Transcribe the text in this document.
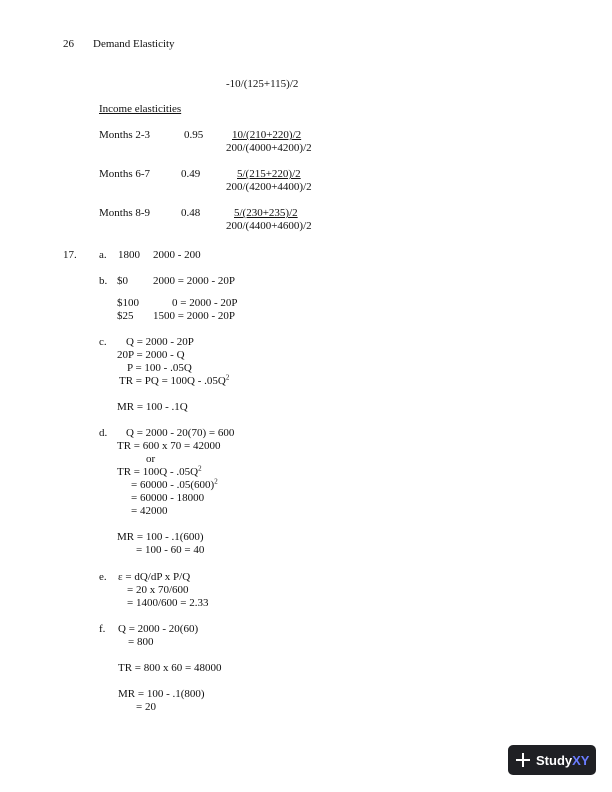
26 Demand Elasticity
-10/(125+115)/2
Income elasticities
Months 2-3	0.95	10/(210+220)/2
200/(4000+4200)/2
Months 6-7	0.49	5/(215+220)/2
200/(4200+4400)/2
Months 8-9	0.48	5/(230+235)/2
200/(4400+4600)/2
17. a. 1800 2000 - 200
b. $0 2000 = 2000 - 20P
$100	0 = 2000 - 20P
$25 1500 = 2000 - 20P
c. Q = 2000 - 20P
20P = 2000 - Q
P = 100 - .05Q
TR = PQ = $100Q - .05Q^2$
MR = 100 - .1Q
d. Q = 2000 - 20(70) = 600
TR = 600 x 70 = 42000
or
TR = $100Q - .05Q^2$
= $60000 - .05(600)^2$
= 60000 - 18000
= 42000
MR = 100 - .1(600)
= 100 - 60 = 40
e. ε = dQ/dP x P/Q
= 20 x 70/600
= 1400/600 = 2.33
f. Q = 2000 - 20(60)
= 800
TR = 800 x 60 = 48000
MR = 100 - .1(800)
= 20
Study XY
